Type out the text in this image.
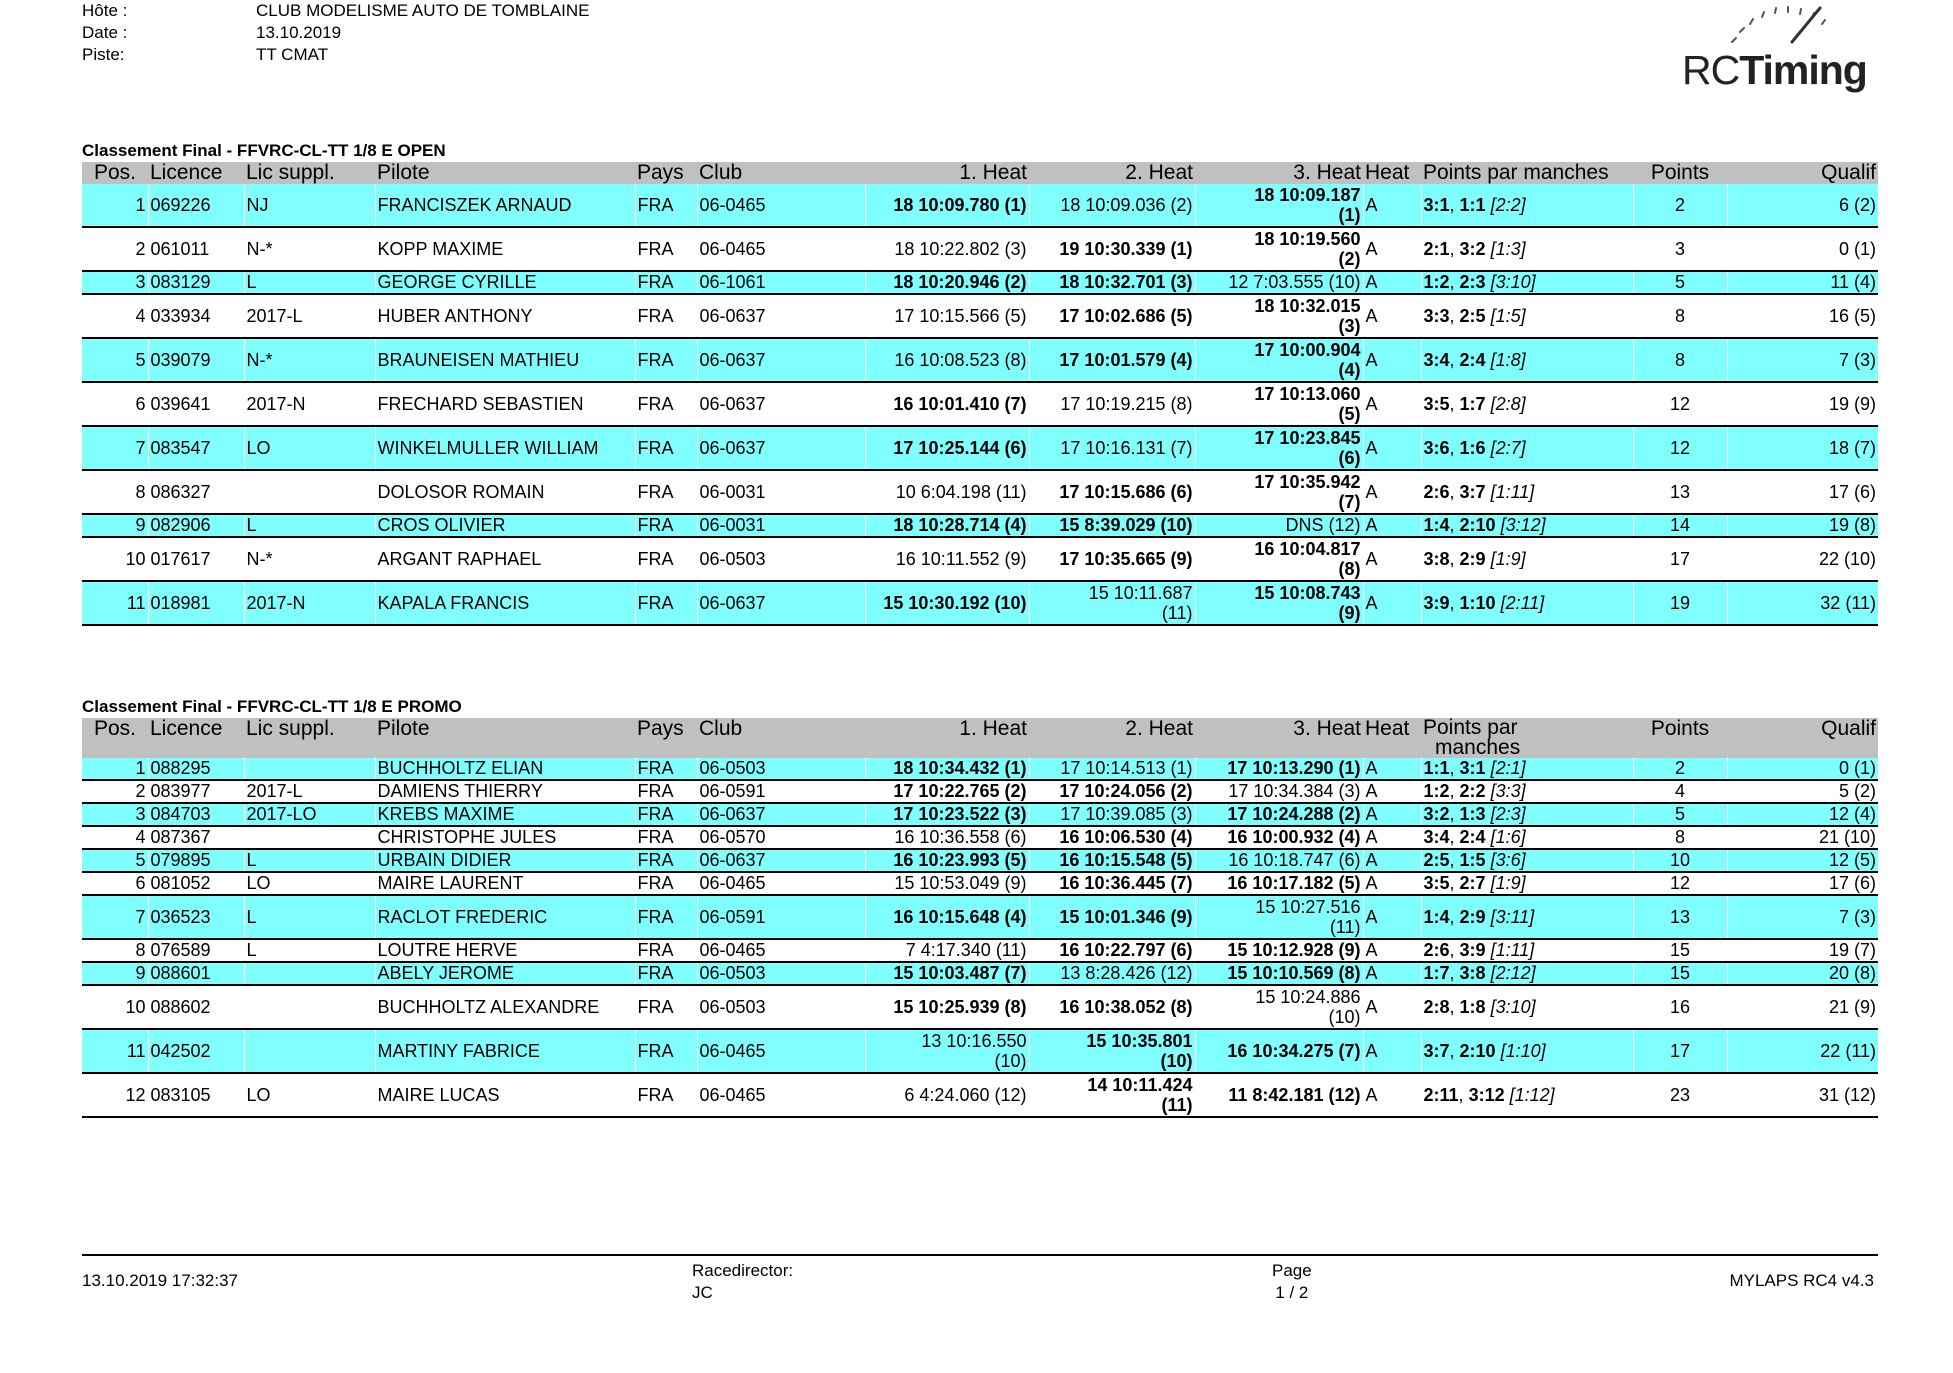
Hôte :	CLUB MODELISME AUTO DE TOMBLAINE
Date :	13.10.2019
Piste:	TT CMAT	RCTiming
Classement Final - FFVRC-CL-TT 1/8 E OPEN
Pos.	Licence	Lic suppl.	Pilote	Pays	Club	1. Heat	2. Heat	3. Heat	Heat	Points par manches	Points	Qualif
1	069226	NJ	FRANCISZEK ARNAUD	FRA	06-0465	18 10:09.780 (1)	18 10:09.036 (2)	18 10:09.187
(1)	A	3:1, 1:1 [2:2]	2	6 (2)
2	061011	N-*	KOPP MAXIME	FRA	06-0465	18 10:22.802 (3)	19 10:30.339 (1)	18 10:19.560
(2)	A	2:1, 3:2 [1:3]	3	0 (1)
3	083129	L	GEORGE CYRILLE	FRA	06-1061	18 10:20.946 (2)	18 10:32.701 (3)	12 7:03.555 (10)	A	1:2, 2:3 [3:10]	5	11 (4)
4	033934	2017-L	HUBER ANTHONY	FRA	06-0637	17 10:15.566 (5)	17 10:02.686 (5)	18 10:32.015
(3)	A	3:3, 2:5 [1:5]	8	16 (5)
5	039079	N-*	BRAUNEISEN MATHIEU	FRA	06-0637	16 10:08.523 (8)	17 10:01.579 (4)	17 10:00.904
(4)	A	3:4, 2:4 [1:8]	8	7 (3)
6	039641	2017-N	FRECHARD SEBASTIEN	FRA	06-0637	16 10:01.410 (7)	17 10:19.215 (8)	17 10:13.060
(5)	A	3:5, 1:7 [2:8]	12	19 (9)
7	083547	LO	WINKELMULLER WILLIAM	FRA	06-0637	17 10:25.144 (6)	17 10:16.131 (7)	17 10:23.845
(6)	A	3:6, 1:6 [2:7]	12	18 (7)
8	086327		DOLOSOR ROMAIN	FRA	06-0031	10 6:04.198 (11)	17 10:15.686 (6)	17 10:35.942
(7)	A	2:6, 3:7 [1:11]	13	17 (6)
9	082906	L	CROS OLIVIER	FRA	06-0031	18 10:28.714 (4)	15 8:39.029 (10)	DNS (12)	A	1:4, 2:10 [3:12]	14	19 (8)
10	017617	N-*	ARGANT RAPHAEL	FRA	06-0503	16 10:11.552 (9)	17 10:35.665 (9)	16 10:04.817
(8)	A	3:8, 2:9 [1:9]	17	22 (10)
11	018981	2017-N	KAPALA FRANCIS	FRA	06-0637	15 10:30.192 (10)	15 10:11.687
(11)	15 10:08.743
(9)	A	3:9, 1:10 [2:11]	19	32 (11)
Classement Final - FFVRC-CL-TT 1/8 E PROMO
Pos.	Licence	Lic suppl.	Pilote	Pays	Club	1. Heat	2. Heat	3. Heat	Heat	Points par
manches	Points	Qualif
1	088295		BUCHHOLTZ ELIAN	FRA	06-0503	18 10:34.432 (1)	17 10:14.513 (1)	17 10:13.290 (1)	A	1:1, 3:1 [2:1]	2	0 (1)
2	083977	2017-L	DAMIENS THIERRY	FRA	06-0591	17 10:22.765 (2)	17 10:24.056 (2)	17 10:34.384 (3)	A	1:2, 2:2 [3:3]	4	5 (2)
3	084703	2017-LO	KREBS MAXIME	FRA	06-0637	17 10:23.522 (3)	17 10:39.085 (3)	17 10:24.288 (2)	A	3:2, 1:3 [2:3]	5	12 (4)
4	087367		CHRISTOPHE JULES	FRA	06-0570	16 10:36.558 (6)	16 10:06.530 (4)	16 10:00.932 (4)	A	3:4, 2:4 [1:6]	8	21 (10)
5	079895	L	URBAIN DIDIER	FRA	06-0637	16 10:23.993 (5)	16 10:15.548 (5)	16 10:18.747 (6)	A	2:5, 1:5 [3:6]	10	12 (5)
6	081052	LO	MAIRE LAURENT	FRA	06-0465	15 10:53.049 (9)	16 10:36.445 (7)	16 10:17.182 (5)	A	3:5, 2:7 [1:9]	12	17 (6)
7	036523	L	RACLOT FREDERIC	FRA	06-0591	16 10:15.648 (4)	15 10:01.346 (9)	15 10:27.516
(11)	A	1:4, 2:9 [3:11]	13	7 (3)
8	076589	L	LOUTRE HERVE	FRA	06-0465	7 4:17.340 (11)	16 10:22.797 (6)	15 10:12.928 (9)	A	2:6, 3:9 [1:11]	15	19 (7)
9	088601		ABELY JEROME	FRA	06-0503	15 10:03.487 (7)	13 8:28.426 (12)	15 10:10.569 (8)	A	1:7, 3:8 [2:12]	15	20 (8)
10	088602		BUCHHOLTZ ALEXANDRE	FRA	06-0503	15 10:25.939 (8)	16 10:38.052 (8)	15 10:24.886
(10)	A	2:8, 1:8 [3:10]	16	21 (9)
11	042502		MARTINY FABRICE	FRA	06-0465	13 10:16.550
(10)	15 10:35.801
(10)	16 10:34.275 (7)	A	3:7, 2:10 [1:10]	17	22 (11)
12	083105	LO	MAIRE LUCAS	FRA	06-0465	6 4:24.060 (12)	14 10:11.424
(11)	11 8:42.181 (12)	A	2:11, 3:12 [1:12]	23	31 (12)
13.10.2019 17:32:37
Racedirector:
JC
Page
1 / 2
MYLAPS RC4 v4.3
